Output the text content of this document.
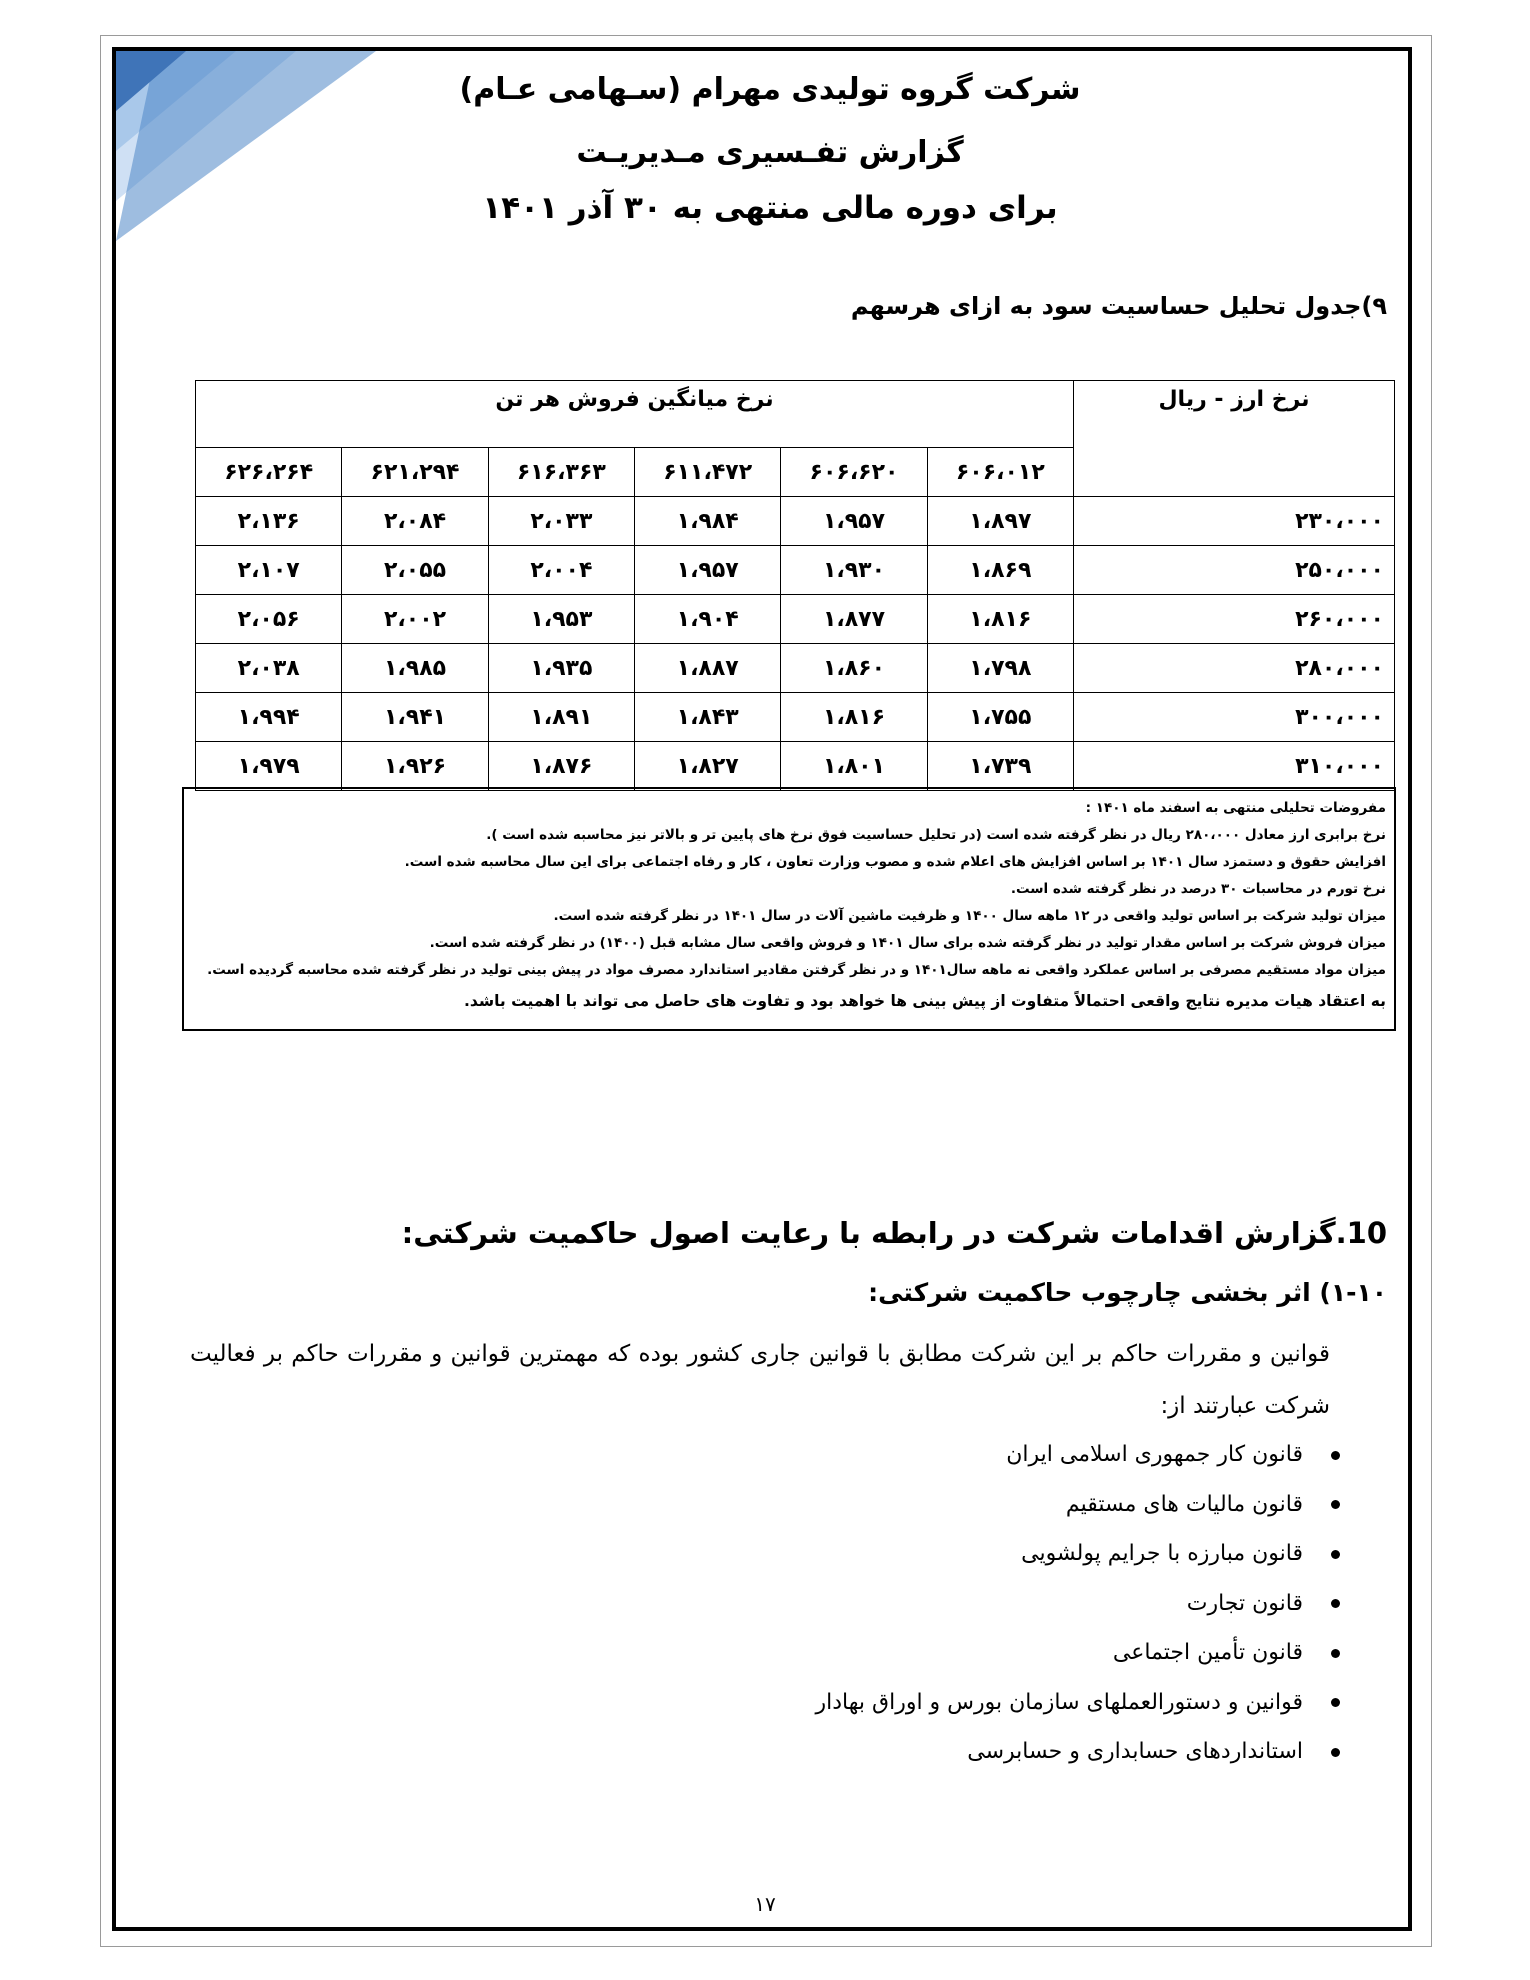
شرکت گروه تولیدی مهرام (سـهامی عـام)
گزارش تفـسیری مـدیریـت
برای دوره مالی منتهی به ۳۰ آذر ۱۴۰۱
۹)جدول تحلیل حساسیت سود به ازای هرسهم
نرخ ارز - ریال	نرخ میانگین فروش هر تن					
	۶۰۶،۰۱۲	۶۰۶،۶۲۰	۶۱۱،۴۷۲	۶۱۶،۳۶۳	۶۲۱،۲۹۴	۶۲۶،۲۶۴
۲۳۰،۰۰۰	۱،۸۹۷	۱،۹۵۷	۱،۹۸۴	۲،۰۳۳	۲،۰۸۴	۲،۱۳۶
۲۵۰،۰۰۰	۱،۸۶۹	۱،۹۳۰	۱،۹۵۷	۲،۰۰۴	۲،۰۵۵	۲،۱۰۷
۲۶۰،۰۰۰	۱،۸۱۶	۱،۸۷۷	۱،۹۰۴	۱،۹۵۳	۲،۰۰۲	۲،۰۵۶
۲۸۰،۰۰۰	۱،۷۹۸	۱،۸۶۰	۱،۸۸۷	۱،۹۳۵	۱،۹۸۵	۲،۰۳۸
۳۰۰،۰۰۰	۱،۷۵۵	۱،۸۱۶	۱،۸۴۳	۱،۸۹۱	۱،۹۴۱	۱،۹۹۴
۳۱۰،۰۰۰	۱،۷۳۹	۱،۸۰۱	۱،۸۲۷	۱،۸۷۶	۱،۹۲۶	۱،۹۷۹
مفروضات تحلیلی منتهی به اسفند ماه ۱۴۰۱ :
نرخ برابری ارز معادل ۲۸۰،۰۰۰ ریال در نظر گرفته شده است (در تحلیل حساسیت فوق نرخ های پایین تر و بالاتر نیز محاسبه شده است ).
افزایش حقوق و دستمزد سال ۱۴۰۱ بر اساس افزایش های اعلام شده و مصوب وزارت تعاون ، کار و رفاه اجتماعی برای این سال محاسبه شده است.
نرخ تورم در محاسبات ۳۰ درصد در نظر گرفته شده است.
میزان تولید شرکت بر اساس تولید واقعی در ۱۲ ماهه سال ۱۴۰۰ و ظرفیت ماشین آلات در سال ۱۴۰۱ در نظر گرفته شده است.
میزان فروش شرکت بر اساس مقدار تولید در نظر گرفته شده برای سال ۱۴۰۱ و فروش واقعی سال مشابه قبل (۱۴۰۰) در نظر گرفته شده است.
میزان مواد مستقیم مصرفی بر اساس عملکرد واقعی نه ماهه سال۱۴۰۱ و در نظر گرفتن مقادیر استاندارد مصرف مواد در پیش بینی تولید در نظر گرفته شده محاسبه گردیده است.
به اعتقاد هیات مدیره نتایج واقعی احتمالاً متفاوت از پیش بینی ها خواهد بود و تفاوت های حاصل می تواند با اهمیت باشد.
10.گزارش اقدامات شرکت در رابطه با رعایت اصول حاکمیت شرکتی:
۱-۱۰) اثر بخشی چارچوب حاکمیت شرکتی:
قوانین و مقررات حاکم بر این شرکت مطابق با قوانین جاری کشور بوده که مهمترین قوانین و مقررات حاکم بر فعالیت شرکت عبارتند از:
قانون کار جمهوری اسلامی ایران
قانون مالیات های مستقیم
قانون مبارزه با جرایم پولشویی
قانون تجارت
قانون تأمین اجتماعی
قوانین و دستورالعملهای سازمان بورس و اوراق بهادار
استانداردهای حسابداری و حسابرسی
۱۷
